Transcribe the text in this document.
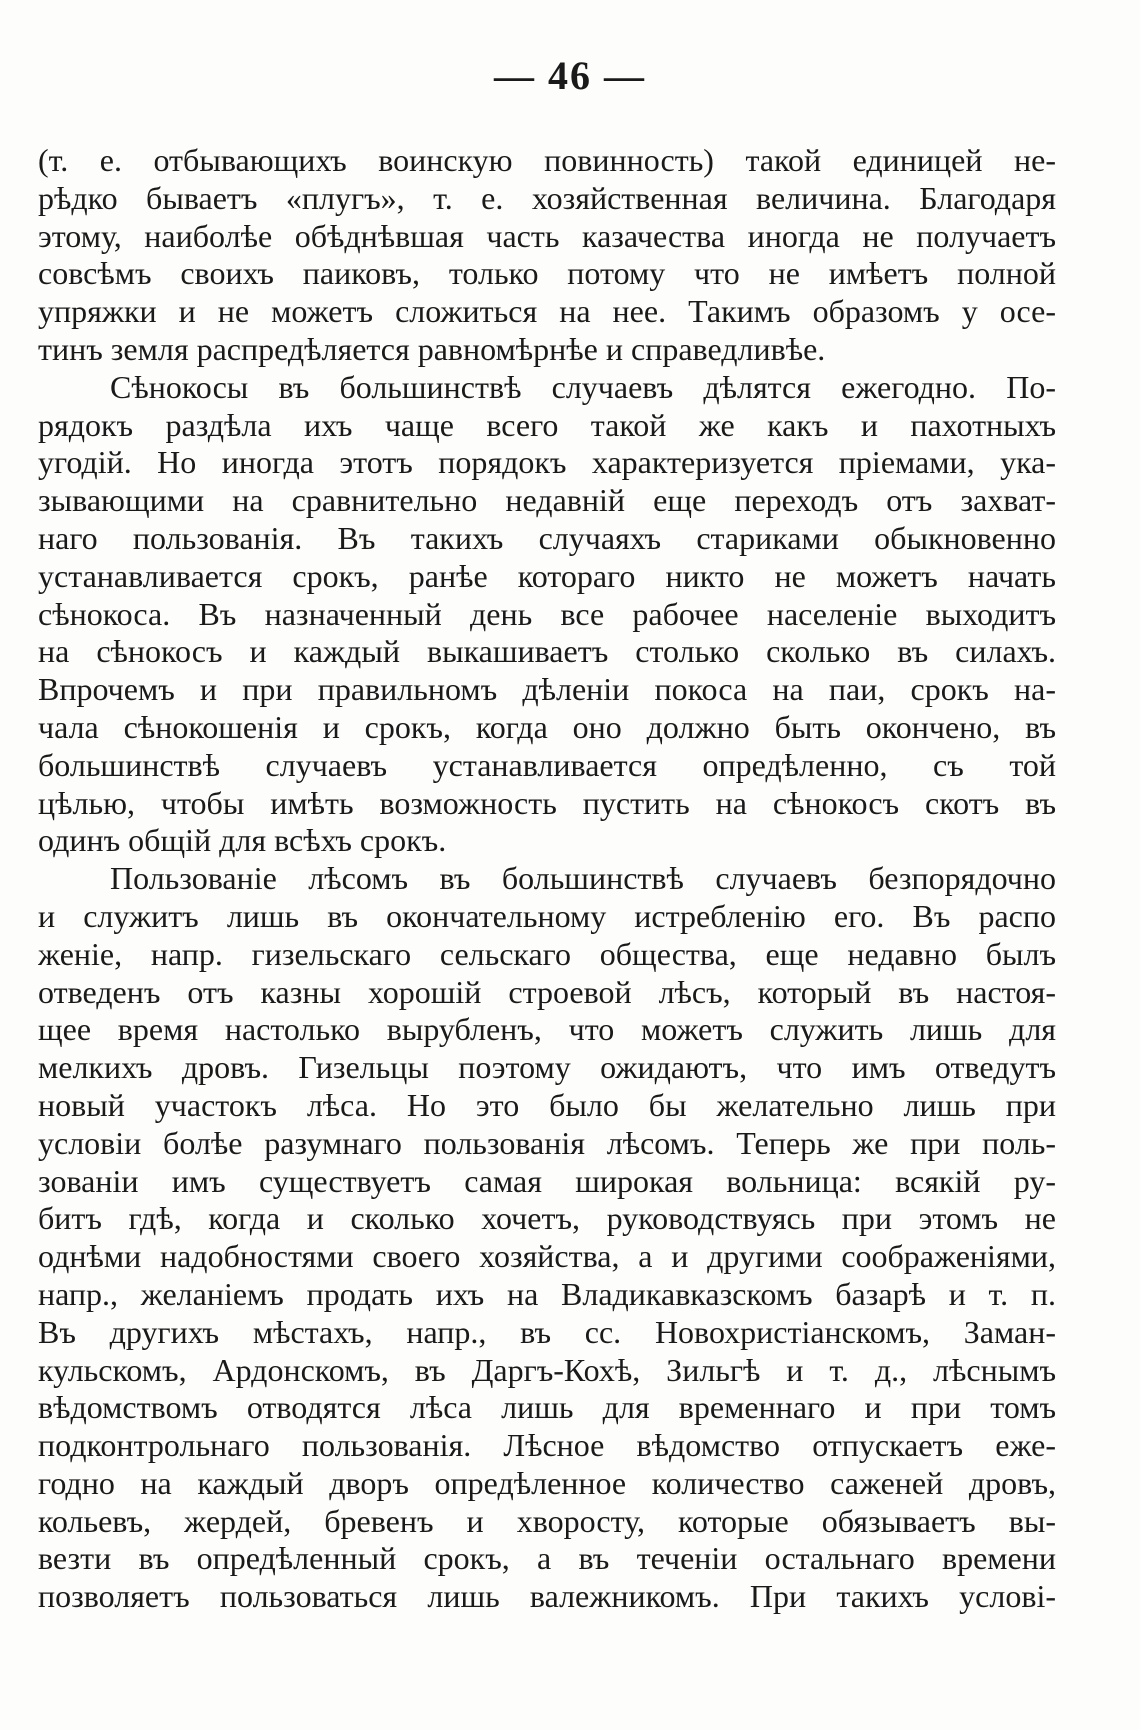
— 46 —
(т. е. отбывающихъ воинскую повинность) такой единицей не-
рѣдко бываетъ «плугъ», т. е. хозяйственная величина. Благодаря
этому, наиболѣе обѣднѣвшая часть казачества иногда не получаетъ
совсѣмъ своихъ паиковъ, только потому что не имѣетъ полной
упряжки и не можетъ сложиться на нее. Такимъ образомъ у осе-
тинъ земля распредѣляется равномѣрнѣе и справедливѣе.
Сѣнокосы въ большинствѣ случаевъ дѣлятся ежегодно. По-
рядокъ раздѣла ихъ чаще всего такой же какъ и пахотныхъ
угодій. Но иногда этотъ порядокъ характеризуется пріемами, ука-
зывающими на сравнительно недавній еще переходъ отъ захват-
наго пользованія. Въ такихъ случаяхъ стариками обыкновенно
устанавливается срокъ, ранѣе котораго никто не можетъ начать
сѣнокоса. Въ назначенный день все рабочее населеніе выходитъ
на сѣнокосъ и каждый выкашиваетъ столько сколько въ силахъ.
Впрочемъ и при правильномъ дѣленіи покоса на паи, срокъ на-
чала сѣнокошенія и срокъ, когда оно должно быть окончено, въ
большинствѣ случаевъ устанавливается опредѣленно, съ той
цѣлью, чтобы имѣть возможность пустить на сѣнокосъ скотъ въ
одинъ общій для всѣхъ срокъ.
Пользованіе лѣсомъ въ большинствѣ случаевъ безпорядочно
и служитъ лишь въ окончательному истребленію его. Въ распо
женіе, напр. гизельскаго сельскаго общества, еще недавно былъ
отведенъ отъ казны хорошій строевой лѣсъ, который въ настоя-
щее время настолько вырубленъ, что можетъ служить лишь для
мелкихъ дровъ. Гизельцы поэтому ожидаютъ, что имъ отведутъ
новый участокъ лѣса. Но это было бы желательно лишь при
условіи болѣе разумнаго пользованія лѣсомъ. Теперь же при поль-
зованіи имъ существуетъ самая широкая вольница: всякій ру-
битъ гдѣ, когда и сколько хочетъ, руководствуясь при этомъ не
однѣми надобностями своего хозяйства, а и другими соображеніями,
напр., желаніемъ продать ихъ на Владикавказскомъ базарѣ и т. п.
Въ другихъ мѣстахъ, напр., въ сс. Новохристіанскомъ, Заман-
кульскомъ, Ардонскомъ, въ Даргъ-Кохѣ, Зильгѣ и т. д., лѣснымъ
вѣдомствомъ отводятся лѣса лишь для временнаго и при томъ
подконтрольнаго пользованія. Лѣсное вѣдомство отпускаетъ еже-
годно на каждый дворъ опредѣленное количество саженей дровъ,
кольевъ, жердей, бревенъ и хворосту, которые обязываетъ вы-
везти въ опредѣленный срокъ, а въ теченіи остальнаго времени
позволяетъ пользоваться лишь валежникомъ. При такихъ услові-
